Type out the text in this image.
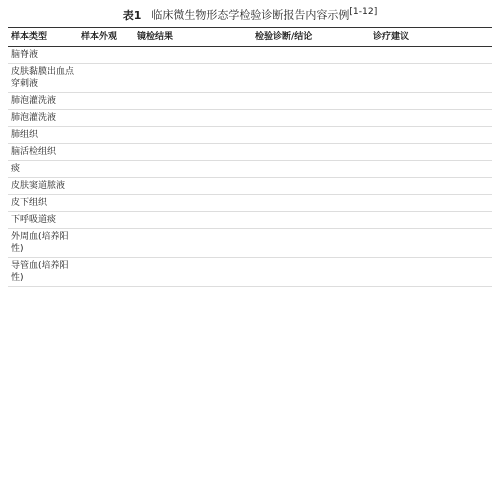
表1 临床微生物形态学检验诊断报告内容示例[1-12]
样本类型	样本外观	镜检结果	检验诊断/结论	诊疗建议
脑脊液				
皮肤黏膜出血点穿刺液				
肺泡灌洗液				
肺泡灌洗液				
肺组织				
脑活检组织				
痰				
皮肤窦道脓液				
皮下组织				
下呼吸道痰				
外周血(培养阳性)				
导管血(培养阳性)				
